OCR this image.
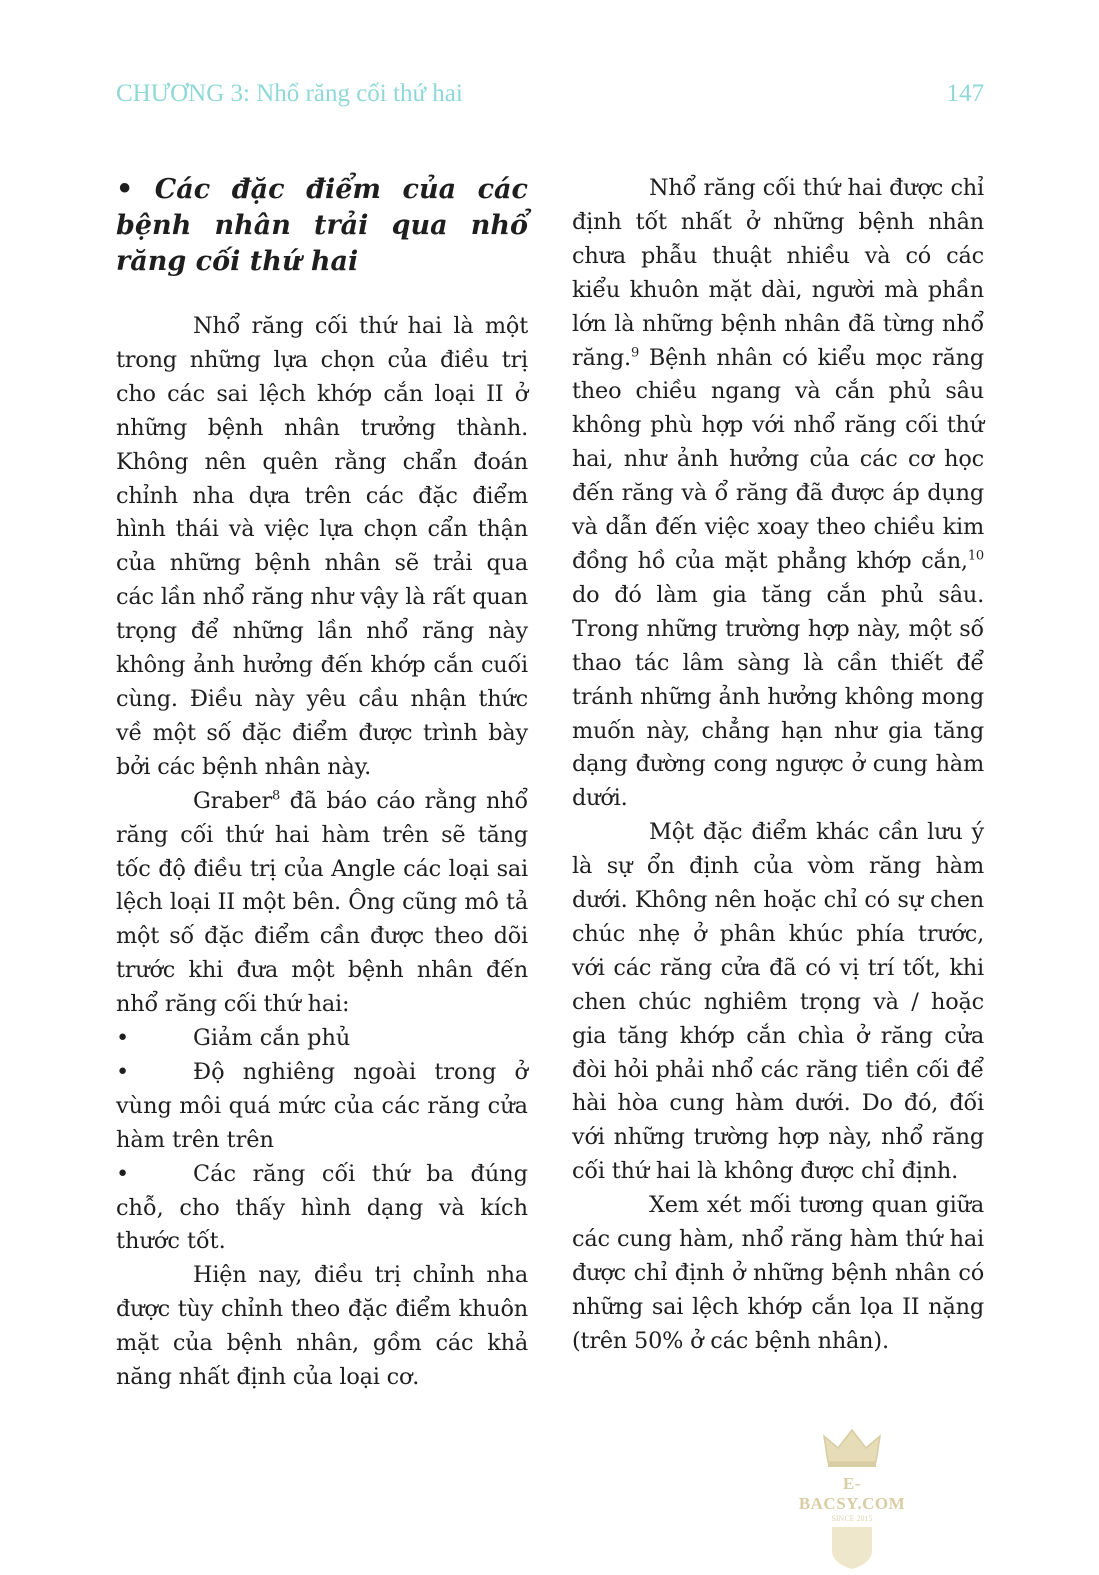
CHƯƠNG 3: Nhổ răng cối thứ hai	147
• Các đặc điểm của các bệnh nhân trải qua nhổ răng cối thứ hai

Nhổ răng cối thứ hai là một trong những lựa chọn của điều trị cho các sai lệch khớp cắn loại II ở những bệnh nhân trưởng thành. Không nên quên rằng chẩn đoán chỉnh nha dựa trên các đặc điểm hình thái và việc lựa chọn cẩn thận của những bệnh nhân sẽ trải qua các lần nhổ răng như vậy là rất quan trọng để những lần nhổ răng này không ảnh hưởng đến khớp cắn cuối cùng. Điều này yêu cầu nhận thức về một số đặc điểm được trình bày bởi các bệnh nhân này.

Graber$^8$ đã báo cáo rằng nhổ răng cối thứ hai hàm trên sẽ tăng tốc độ điều trị của Angle các loại sai lệch loại II một bên. Ông cũng mô tả một số đặc điểm cần được theo dõi trước khi đưa một bệnh nhân đến nhổ răng cối thứ hai:

•	Giảm cắn phủ
•	Độ nghiêng ngoài trong ở vùng môi quá mức của các răng cửa hàm trên trên
•	Các răng cối thứ ba đúng chỗ, cho thấy hình dạng và kích thước tốt.

Hiện nay, điều trị chỉnh nha được tùy chỉnh theo đặc điểm khuôn mặt của bệnh nhân, gồm các khả năng nhất định của loại cơ.

Nhổ răng cối thứ hai được chỉ định tốt nhất ở những bệnh nhân chưa phẫu thuật nhiều và có các kiểu khuôn mặt dài, người mà phần lớn là những bệnh nhân đã từng nhổ răng.$^9$ Bệnh nhân có kiểu mọc răng theo chiều ngang và cắn phủ sâu không phù hợp với nhổ răng cối thứ hai, như ảnh hưởng của các cơ học đến răng và ổ răng đã được áp dụng và dẫn đến việc xoay theo chiều kim đồng hồ của mặt phẳng khớp cắn,$^{10}$ do đó làm gia tăng cắn phủ sâu. Trong những trường hợp này, một số thao tác lâm sàng là cần thiết để tránh những ảnh hưởng không mong muốn này, chẳng hạn như gia tăng dạng đường cong ngược ở cung hàm dưới.

Một đặc điểm khác cần lưu ý là sự ổn định của vòm răng hàm dưới. Không nên hoặc chỉ có sự chen chúc nhẹ ở phân khúc phía trước, với các răng cửa đã có vị trí tốt, khi chen chúc nghiêm trọng và / hoặc gia tăng khớp cắn chìa ở răng cửa đòi hỏi phải nhổ các răng tiền cối để hài hòa cung hàm dưới. Do đó, đối với những trường hợp này, nhổ răng cối thứ hai là không được chỉ định.

Xem xét mối tương quan giữa các cung hàm, nhổ răng hàm thứ hai được chỉ định ở những bệnh nhân có những sai lệch khớp cắn lọa II nặng (trên 50% ở các bệnh nhân).

E-BACSY.COM
SINCE 2015
